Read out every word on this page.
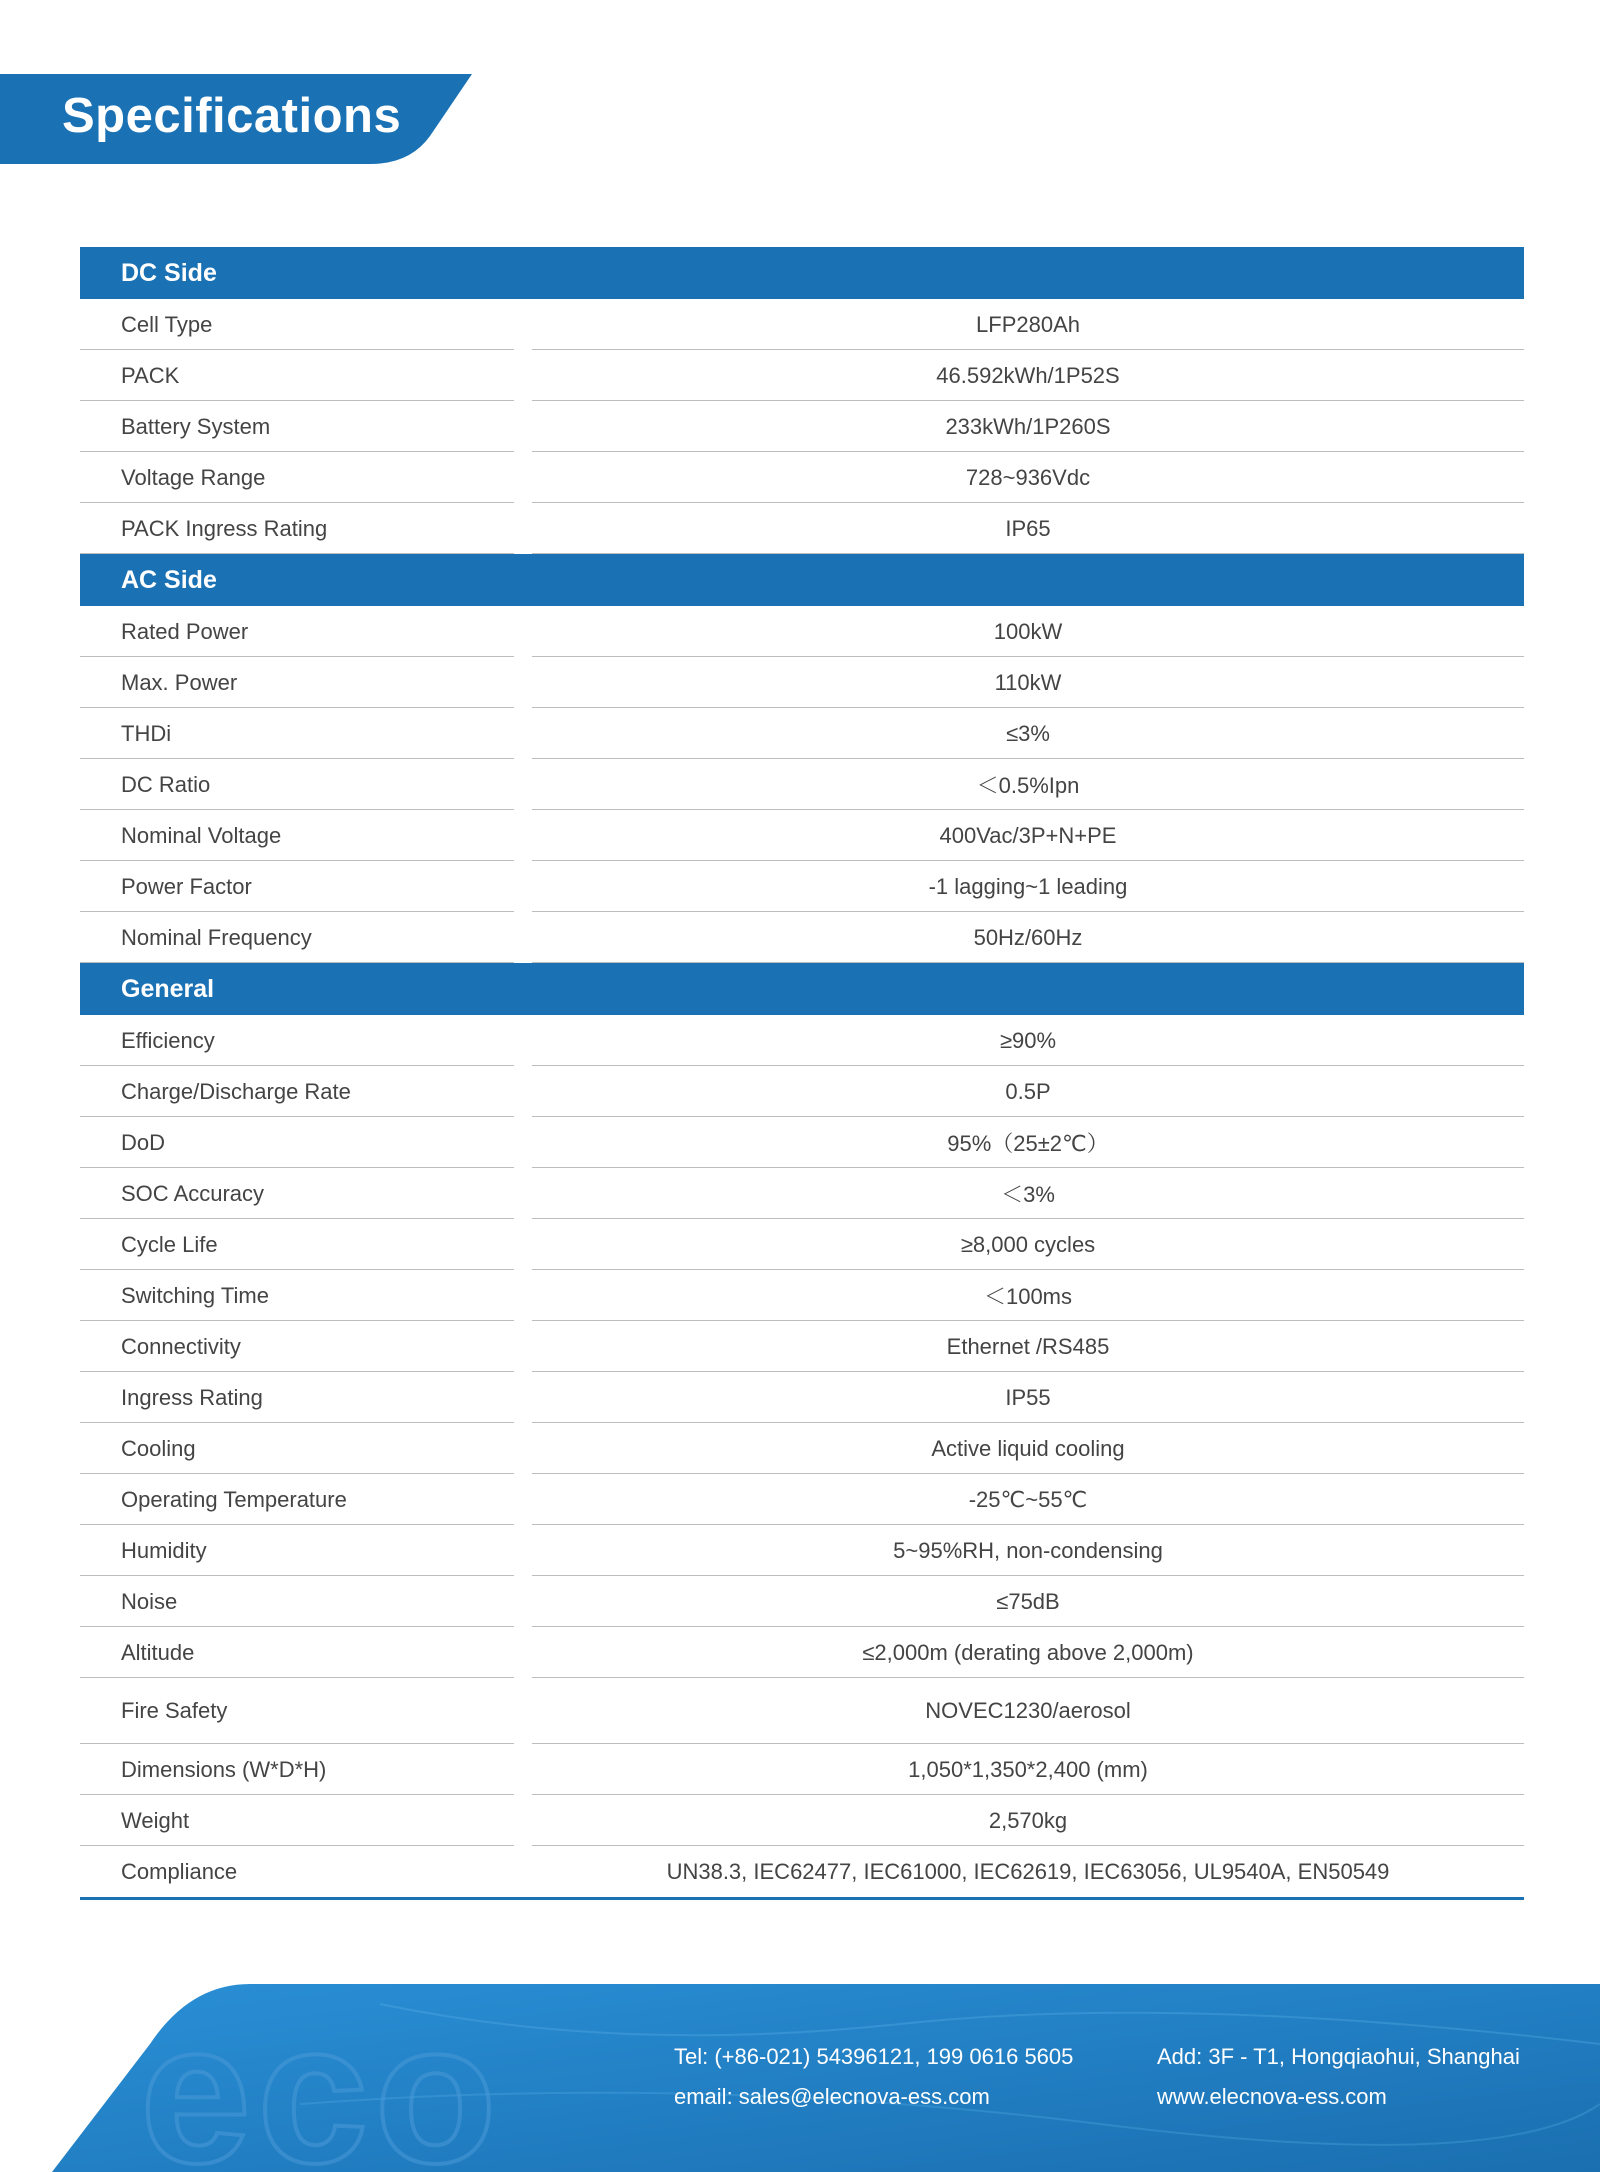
Specifications
DC Side
Cell Type	LFP280Ah
PACK	46.592kWh/1P52S
Battery System	233kWh/1P260S
Voltage Range	728~936Vdc
PACK Ingress Rating	IP65
AC Side
Rated Power	100kW
Max. Power	110kW
THDi	≤3%
DC Ratio	＜0.5%Ipn
Nominal Voltage	400Vac/3P+N+PE
Power Factor	-1 lagging~1 leading
Nominal Frequency	50Hz/60Hz
General
Efficiency	≥90%
Charge/Discharge Rate	0.5P
DoD	95%（25±2℃）
SOC Accuracy	＜3%
Cycle Life	≥8,000 cycles
Switching Time	＜100ms
Connectivity	Ethernet /RS485
Ingress Rating	IP55
Cooling	Active liquid cooling
Operating Temperature	-25℃~55℃
Humidity	5~95%RH, non-condensing
Noise	≤75dB
Altitude	≤2,000m (derating above 2,000m)
Fire Safety	NOVEC1230/aerosol
Dimensions (W*D*H)	1,050*1,350*2,400 (mm)
Weight	2,570kg
Compliance	UN38.3, IEC62477, IEC61000, IEC62619, IEC63056, UL9540A, EN50549
eco	Tel: (+86-021) 54396121, 199 0616 5605
email: sales@elecnova-ess.com
Add: 3F - T1, Hongqiaohui, Shanghai
www.elecnova-ess.com
